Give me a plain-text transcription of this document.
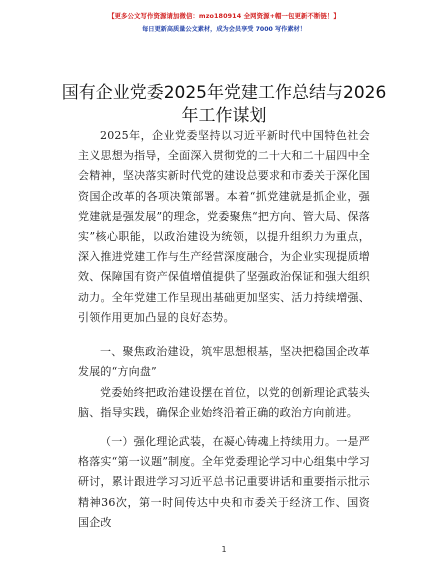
【更多公文写作资源请加微信：mzo180914 全网资源+帽一包更新不断链！】
每日更新高质量公文素材，成为会员享受 7000 写作素材！
国有企业党委2025年党建工作总结与2026年工作谋划

2025年，企业党委坚持以习近平新时代中国特色社会主义思想为指导，全面深入贯彻党的二十大和二十届四中全会精神，坚决落实新时代党的建设总要求和市委关于深化国资国企改革的各项决策部署。本着“抓党建就是抓企业，强党建就是强发展”的理念，党委聚焦“把方向、管大局、保落实”核心职能，以政治建设为统领，以提升组织力为重点，深入推进党建工作与生产经营深度融合，为企业实现提质增效、保障国有资产保值增值提供了坚强政治保证和强大组织动力。全年党建工作呈现出基础更加坚实、活力持续增强、引领作用更加凸显的良好态势。

一、聚焦政治建设，筑牢思想根基，坚决把稳国企改革发展的“方向盘”

党委始终把政治建设摆在首位，以党的创新理论武装头脑、指导实践，确保企业始终沿着正确的政治方向前进。

（一）强化理论武装，在凝心铸魂上持续用力。一是严格落实“第一议题”制度。全年党委理论学习中心组集中学习研讨，累计跟进学习习近平总书记重要讲话和重要指示批示精神36次，第一时间传达中央和市委关于经济工作、国资国企改

1
